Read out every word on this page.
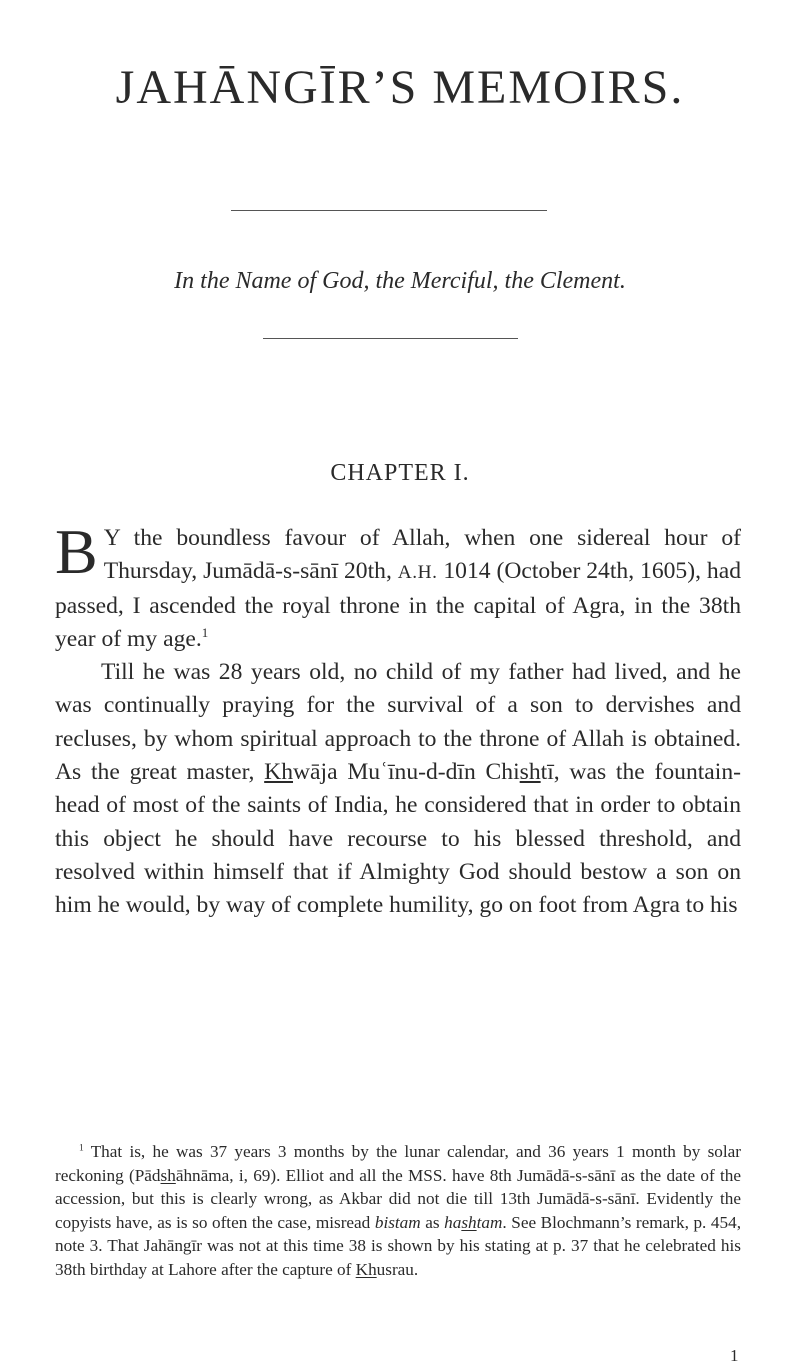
JAHĀNGĪR’S MEMOIRS.

In the Name of God, the Merciful, the Clement.

CHAPTER I.

B Y the boundless favour of Allah, when one sidereal hour of Thursday, Jumādā-s-sānī 20th, A.H. 1014 (October 24th, 1605), had passed, I ascended the royal throne in the capital of Agra, in the 38th year of my age.$^1$

Till he was 28 years old, no child of my father had lived, and he was continually praying for the survival of a son to dervishes and recluses, by whom spiritual approach to the throne of Allah is obtained. As the great master, Khwāja Muʿīnu-d-dīn Chishtī, was the fountain-head of most of the saints of India, he considered that in order to obtain this object he should have recourse to his blessed threshold, and resolved within himself that if Almighty God should bestow a son on him he would, by way of complete humility, go on foot from Agra to his

$^1$ That is, he was 37 years 3 months by the lunar calendar, and 36 years 1 month by solar reckoning (Pādshāhnāma, i, 69). Elliot and all the MSS. have 8th Jumādā-s-sānī as the date of the accession, but this is clearly wrong, as Akbar did not die till 13th Jumādā-s-sānī. Evidently the copyists have, as is so often the case, misread bistam as hashtam. See Blochmann’s remark, p. 454, note 3. That Jahāngīr was not at this time 38 is shown by his stating at p. 37 that he celebrated his 38th birthday at Lahore after the capture of Khusrau.

1
